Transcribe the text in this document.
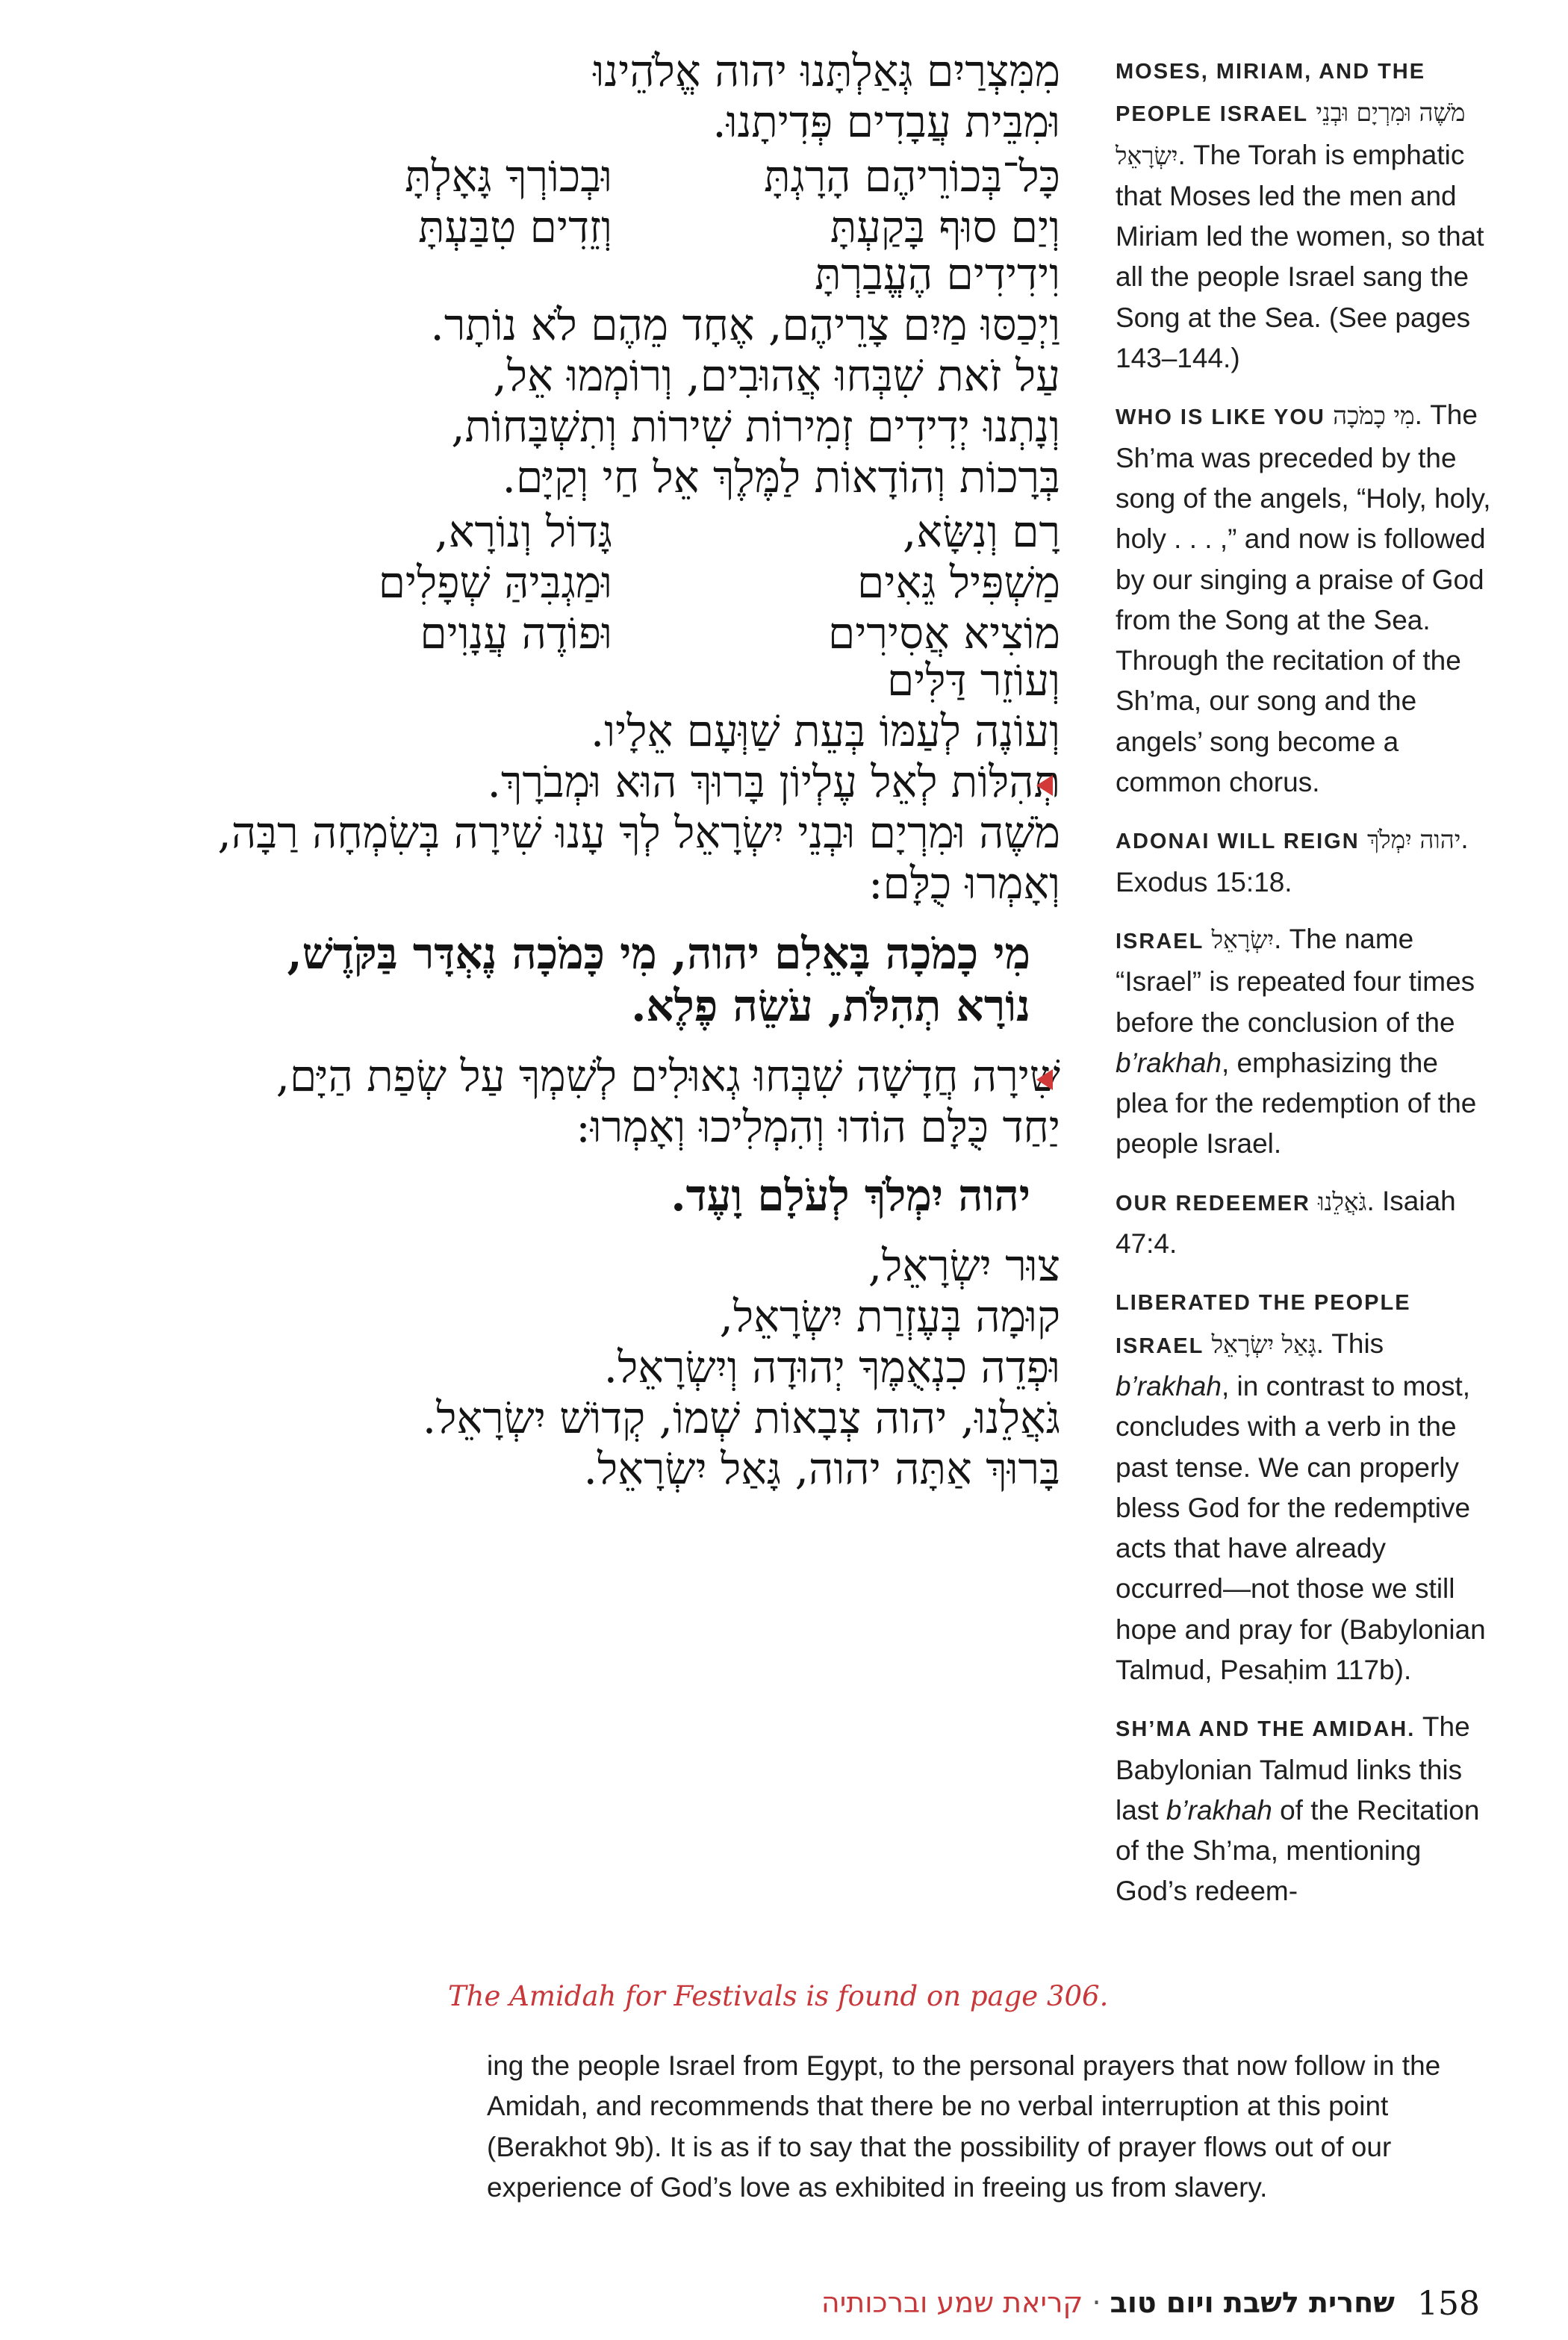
מִמִּצְרַיִם גְּאַלְתָּנוּ יהוה אֱלֹהֵינוּ
וּמִבֵּית עֲבָדִים פְּדִיתָנוּ.
כָּל־בְּכוֹרֵיהֶם הָרָגְתָּ
וּבְכוֹרְךָ גָּאָלְתָּ
וְיַם סוּף בָּקַעְתָּ
וְזֵדִים טִבַּעְתָּ
וִידִידִים הֶעֱבַרְתָּ
וַיְכַסּוּ מַיִם צָרֵיהֶם, אֶחָד מֵהֶם לֹא נוֹתָר.
עַל זֹאת שִׁבְּחוּ אֲהוּבִים, וְרוֹמְמוּ אֵל,
וְנָתְנוּ יְדִידִים זְמִירוֹת שִׁירוֹת וְתִשְׁבָּחוֹת,
בְּרָכוֹת וְהוֹדָאוֹת לַמֶּלֶךְ אֵל חַי וְקַיָּם.
רָם וְנִשָּׂא,
גָּדוֹל וְנוֹרָא,
מַשְׁפִּיל גֵּאִים
וּמַגְבִּיהַּ שְׁפָלִים
מוֹצִיא אֲסִירִים
וּפוֹדֶה עֲנָוִים
וְעוֹזֵר דַּלִּים
וְעוֹנֶה לְעַמּוֹ בְּעֵת שַׁוְּעָם אֵלָיו.
תְּהִלּוֹת לְאֵל עֶלְיוֹן בָּרוּךְ הוּא וּמְבֹרָךְ.
מֹשֶׁה וּמִרְיָם וּבְנֵי יִשְׂרָאֵל לְךָ עָנוּ שִׁירָה בְּשִׂמְחָה רַבָּה,
וְאָמְרוּ כֻלָּם:
מִי כָמֹכָה בָּאֵלִם יהוה, מִי כָּמֹכָה נֶאְדָּר בַּקֹּדֶשׁ,
נוֹרָא תְהִלֹּת, עֹשֵׂה פֶלֶא.
שִׁירָה חֲדָשָׁה שִׁבְּחוּ גְאוּלִים לְשִׁמְךָ עַל שְׂפַת הַיָּם,
יַחַד כֻּלָּם הוֹדוּ וְהִמְלִיכוּ וְאָמְרוּ:
יהוה יִמְלֹךְ לְעֹלָם וָעֶד.
צוּר יִשְׂרָאֵל,
קוּמָה בְּעֶזְרַת יִשְׂרָאֵל,
וּפְדֵה כִנְאֻמֶךָ יְהוּדָה וְיִשְׂרָאֵל.
גֹּאֲלֵנוּ, יהוה צְבָאוֹת שְׁמוֹ, קְדוֹשׁ יִשְׂרָאֵל.
בָּרוּךְ אַתָּה יהוה, גָּאַל יִשְׂרָאֵל.
The Amidah for Festivals is found on page 306.
MOSES, MIRIAM, AND THE PEOPLE ISRAEL מֹשֶׁה וּמִרְיָם וּבְנֵי יִשְׂרָאֵל. The Torah is emphatic that Moses led the men and Miriam led the women, so that all the people Israel sang the Song at the Sea. (See pages 143–144.)
WHO IS LIKE YOU מִי כָמֹכָה. The Sh’ma was preceded by the song of the angels, “Holy, holy, holy . . . ,” and now is followed by our singing a praise of God from the Song at the Sea. Through the recitation of the Sh’ma, our song and the angels’ song become a common chorus.
ADONAI WILL REIGN יהוה יִמְלֹךְ. Exodus 15:18.
ISRAEL יִשְׂרָאֵל. The name “Israel” is repeated four times before the conclusion of the b’rakhah, emphasizing the plea for the redemption of the people Israel.
OUR REDEEMER גֹּאֲלֵנוּ. Isaiah 47:4.
LIBERATED THE PEOPLE ISRAEL גָּאַל יִשְׂרָאֵל. This b’rakhah, in contrast to most, concludes with a verb in the past tense. We can properly bless God for the redemptive acts that have already occurred—not those we still hope and pray for (Babylonian Talmud, Pesaḥim 117b).
SH’MA AND THE AMIDAH. The Babylonian Talmud links this last b’rakhah of the Recitation of the Sh’ma, mentioning God’s redeem-
ing the people Israel from Egypt, to the personal prayers that now follow in the Amidah, and recommends that there be no verbal interruption at this point (Berakhot 9b). It is as if to say that the possibility of prayer flows out of our experience of God’s love as exhibited in freeing us from slavery.
שחרית לשבת ויום טוב · קריאת שמע וברכותיה	158
